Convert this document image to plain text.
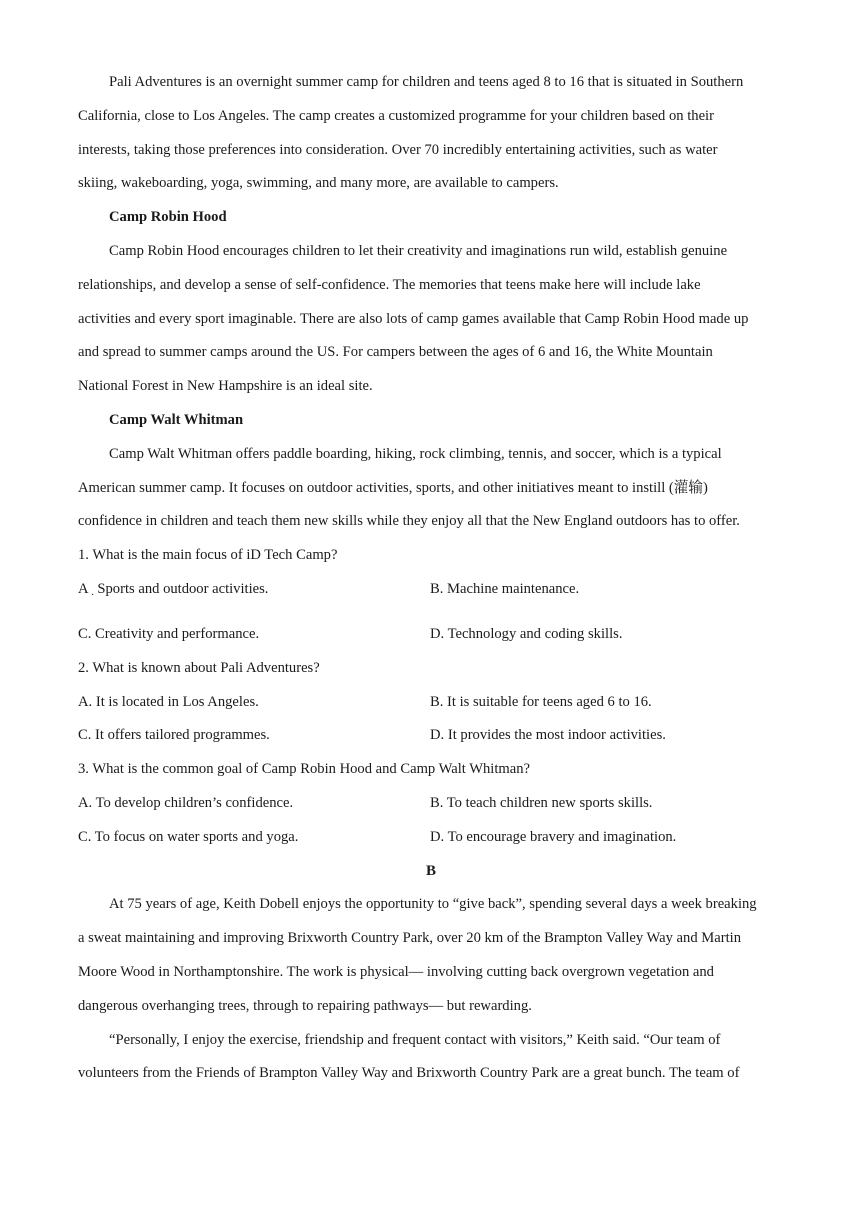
Pali Adventures is an overnight summer camp for children and teens aged 8 to 16 that is situated in Southern
California, close to Los Angeles. The camp creates a customized programme for your children based on their
interests, taking those preferences into consideration. Over 70 incredibly entertaining activities, such as water
skiing, wakeboarding, yoga, swimming, and many more, are available to campers.
Camp Robin Hood
Camp Robin Hood encourages children to let their creativity and imaginations run wild, establish genuine
relationships, and develop a sense of self-confidence. The memories that teens make here will include lake
activities and every sport imaginable. There are also lots of camp games available that Camp Robin Hood made up
and spread to summer camps around the US. For campers between the ages of 6 and 16, the White Mountain
National Forest in New Hampshire is an ideal site.
Camp Walt Whitman
Camp Walt Whitman offers paddle boarding, hiking, rock climbing, tennis, and soccer, which is a typical
American summer camp. It focuses on outdoor activities, sports, and other initiatives meant to instill (灌输)
confidence in children and teach them new skills while they enjoy all that the New England outdoors has to offer.
1. What is the main focus of iD Tech Camp?
A · Sports and outdoor activities.	B. Machine maintenance.
C. Creativity and performance.	D. Technology and coding skills.
2. What is known about Pali Adventures?
A. It is located in Los Angeles.	B. It is suitable for teens aged 6 to 16.
C. It offers tailored programmes.	D. It provides the most indoor activities.
3. What is the common goal of Camp Robin Hood and Camp Walt Whitman?
A. To develop children’s confidence.	B. To teach children new sports skills.
C. To focus on water sports and yoga.	D. To encourage bravery and imagination.
B
At 75 years of age, Keith Dobell enjoys the opportunity to “give back”, spending several days a week breaking
a sweat maintaining and improving Brixworth Country Park, over 20 km of the Brampton Valley Way and Martin
Moore Wood in Northamptonshire. The work is physical— involving cutting back overgrown vegetation and
dangerous overhanging trees, through to repairing pathways— but rewarding.
“Personally, I enjoy the exercise, friendship and frequent contact with visitors,” Keith said. “Our team of
volunteers from the Friends of Brampton Valley Way and Brixworth Country Park are a great bunch. The team of
